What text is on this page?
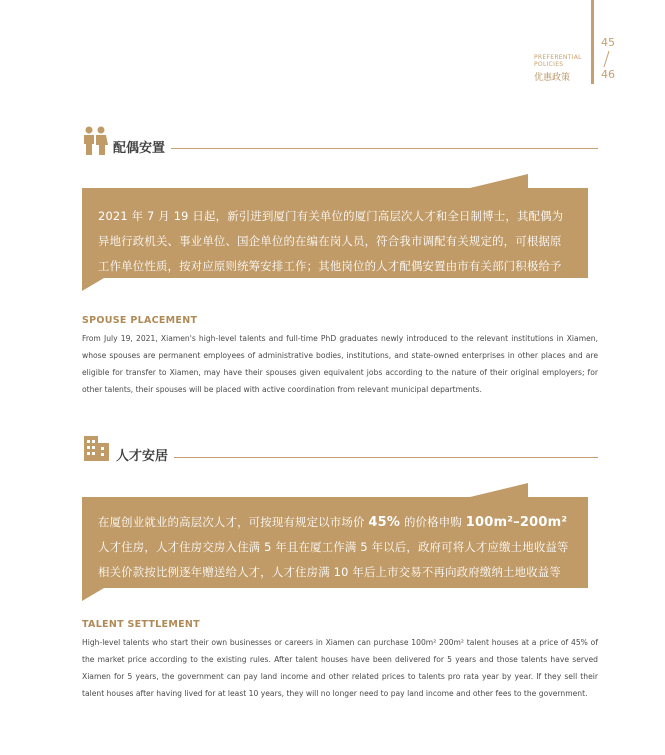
PREFERENTIAL POLICIES
优惠政策
45
46
配偶安置

2021 年 7 月 19 日起，新引进到厦门有关单位的厦门高层次人才和全日制博士，其配偶为异地行政机关、事业单位、国企单位的在编在岗人员，符合我市调配有关规定的，可根据原工作单位性质，按对应原则统筹安排工作；其他岗位的人才配偶安置由市有关部门积极给予协调。

SPOUSE PLACEMENT
From July 19, 2021, Xiamen's high-level talents and full-time PhD graduates newly introduced to the relevant institutions in Xiamen, whose spouses are permanent employees of administrative bodies, institutions, and state-owned enterprises in other places and are eligible for transfer to Xiamen, may have their spouses given equivalent jobs according to the nature of their original employers; for other talents, their spouses will be placed with active coordination from relevant municipal departments.
人才安居

在厦创业就业的高层次人才，可按现有规定以市场价 45% 的价格申购 100m²–200m² 人才住房，人才住房交房入住满 5 年且在厦工作满 5 年以后，政府可将人才应缴土地收益等相关价款按比例逐年赠送给人才，人才住房满 10 年后上市交易不再向政府缴纳土地收益等费用。

TALENT SETTLEMENT
High-level talents who start their own businesses or careers in Xiamen can purchase 100m² 200m² talent houses at a price of 45% of the market price according to the existing rules. After talent houses have been delivered for 5 years and those talents have served Xiamen for 5 years, the government can pay land income and other related prices to talents pro rata year by year. If they sell their talent houses after having lived for at least 10 years, they will no longer need to pay land income and other fees to the government.
